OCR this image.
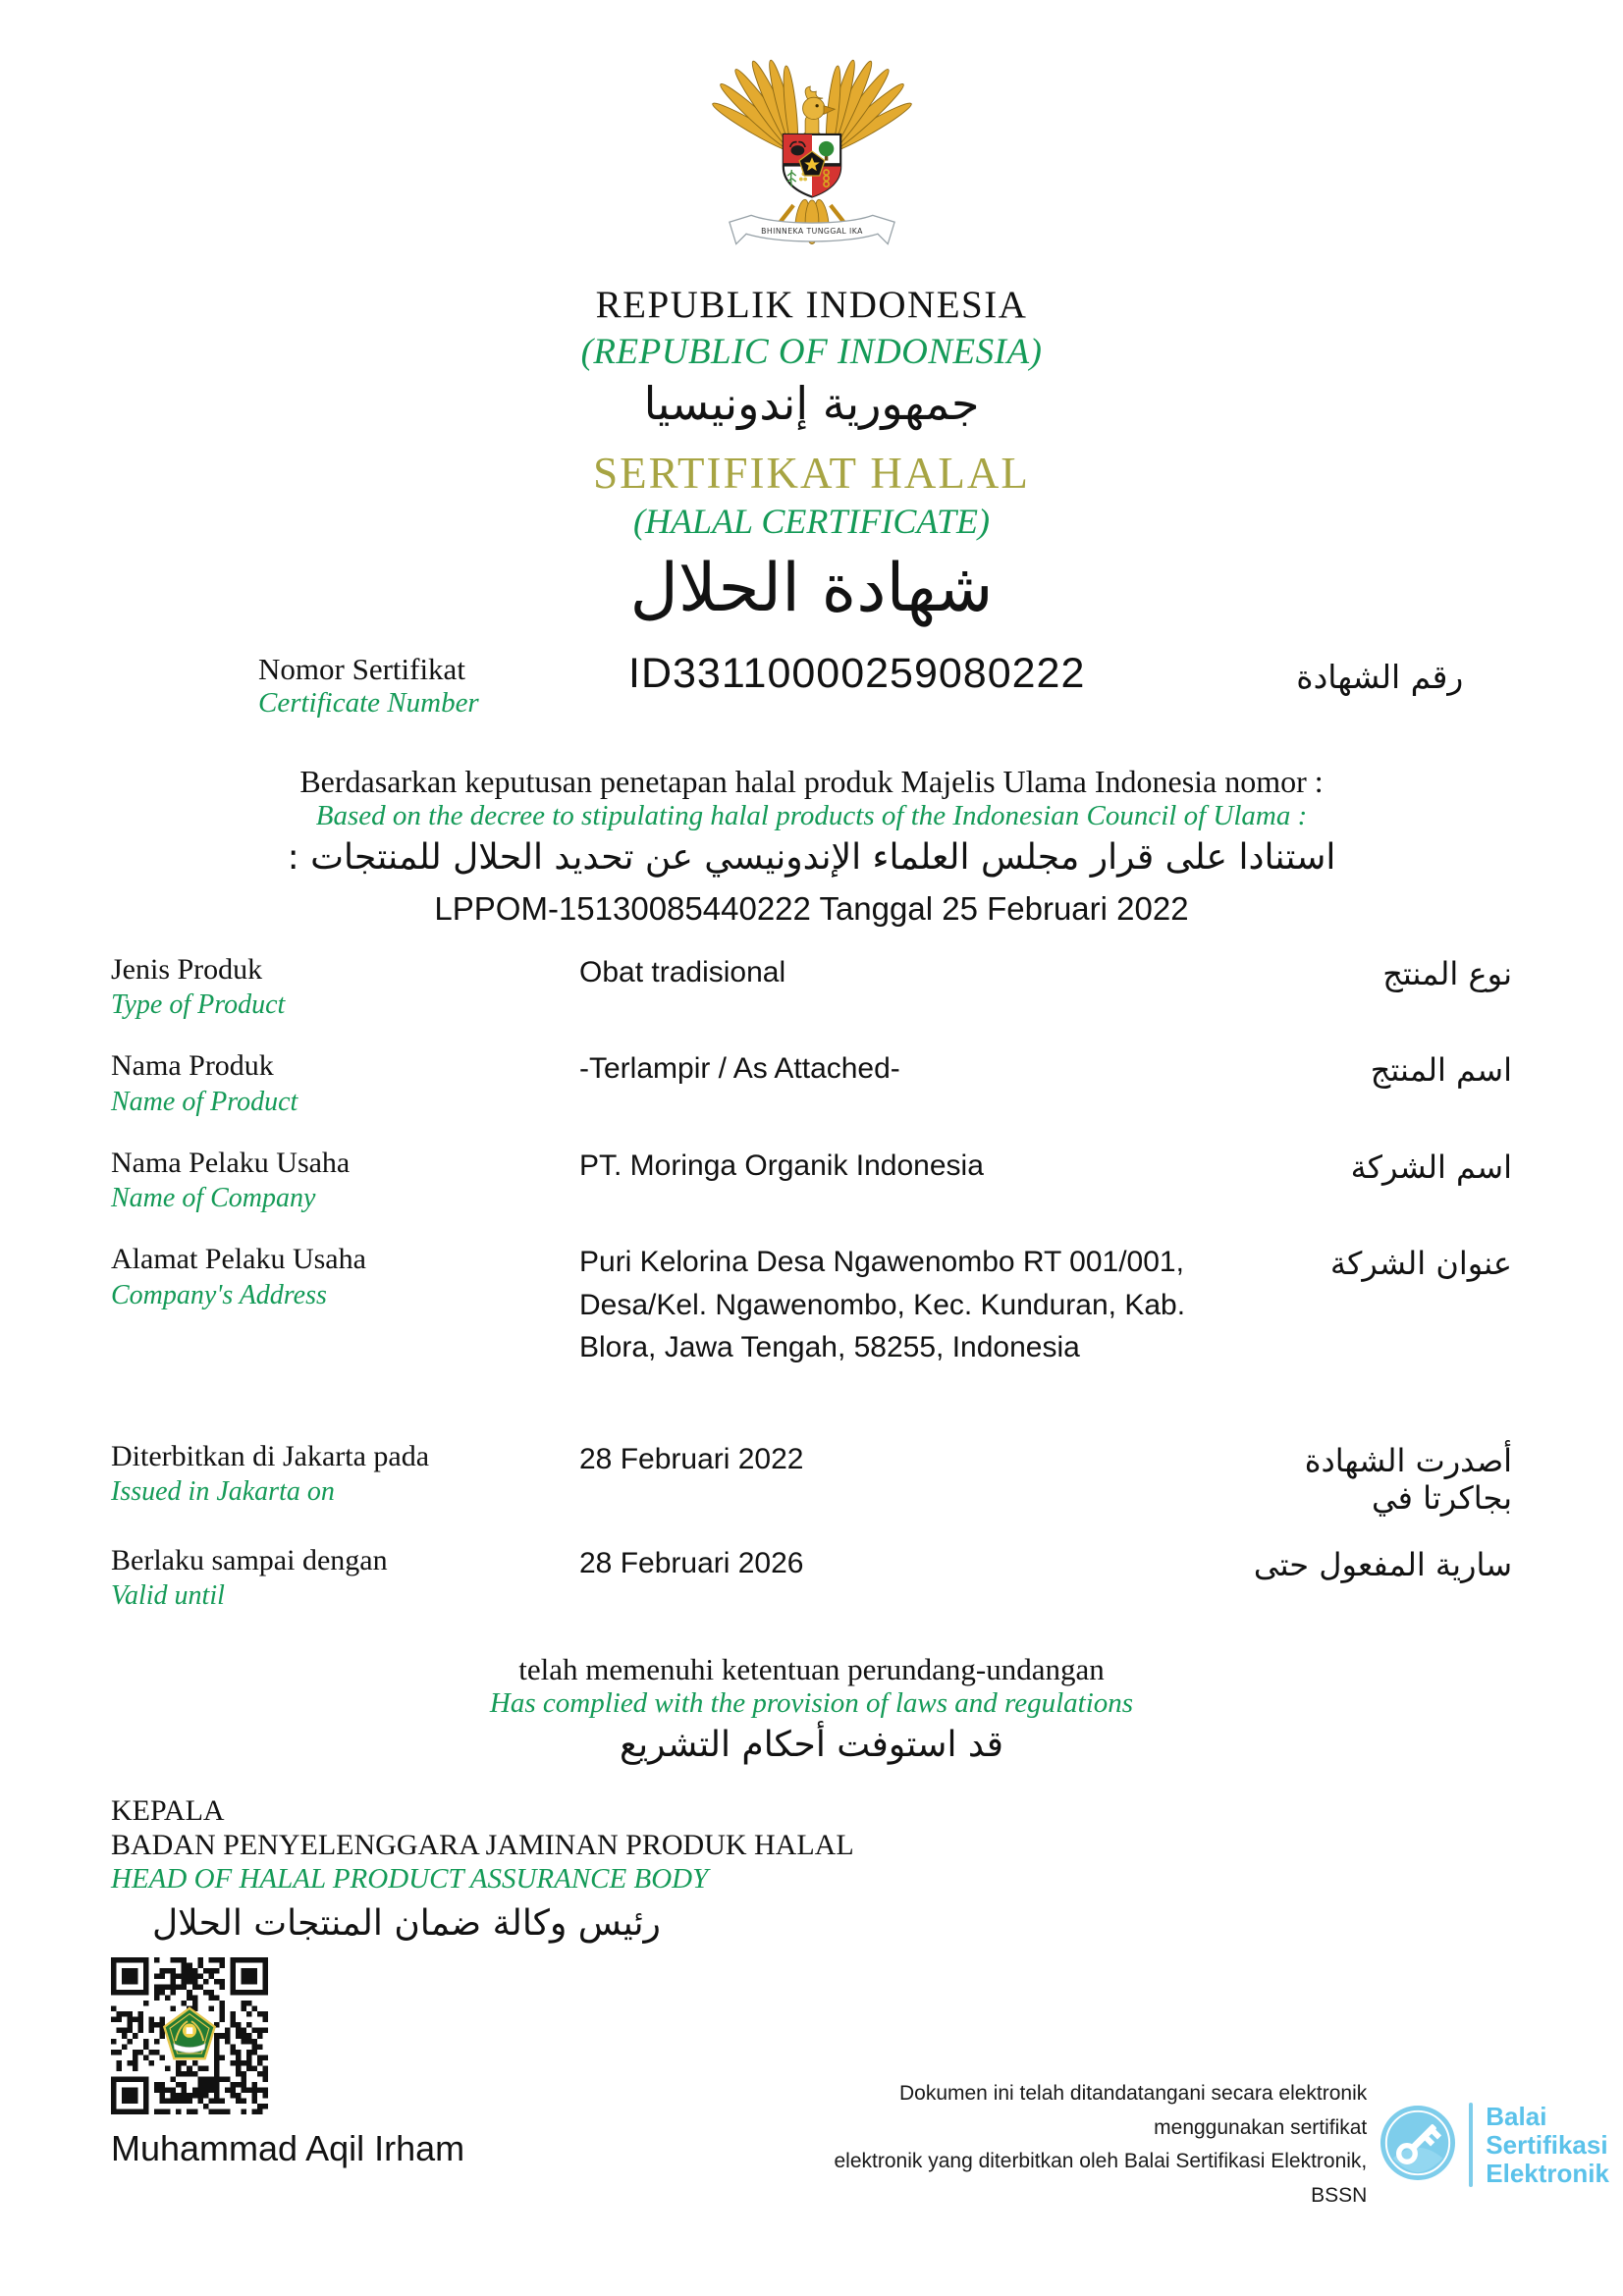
BHINNEKA TUNGGAL IKA
REPUBLIK INDONESIA
(REPUBLIC OF INDONESIA)
جمهورية إندونيسيا
SERTIFIKAT HALAL
(HALAL CERTIFICATE)
شهادة الحلال
Nomor Sertifikat
Certificate Number
ID33110000259080222	رقم الشهادة
Berdasarkan keputusan penetapan halal produk Majelis Ulama Indonesia nomor :
Based on the decree to stipulating halal products of the Indonesian Council of Ulama :
استنادا على قرار مجلس العلماء الإندونيسي عن تحديد الحلال للمنتجات :
LPPOM-15130085440222 Tanggal 25 Februari 2022
Jenis Produk
Type of Product
Obat tradisional	نوع المنتج
Nama Produk
Name of Product
-Terlampir / As Attached-	اسم المنتج
Nama Pelaku Usaha
Name of Company
PT. Moringa Organik Indonesia	اسم الشركة
Alamat Pelaku Usaha
Company's Address
Puri Kelorina Desa Ngawenombo RT 001/001, Desa/Kel. Ngawenombo, Kec. Kunduran, Kab. Blora, Jawa Tengah, 58255, Indonesia
عنوان الشركة
Diterbitkan di Jakarta pada
Issued in Jakarta on
28 Februari 2022	أصدرت الشهادة بجاكرتا في
Berlaku sampai dengan
Valid until
28 Februari 2026	سارية المفعول حتى
telah memenuhi ketentuan perundang-undangan
Has complied with the provision of laws and regulations
قد استوفت أحكام التشريع
KEPALA
BADAN PENYELENGGARA JAMINAN PRODUK HALAL
HEAD OF HALAL PRODUCT ASSURANCE BODY
رئيس وكالة ضمان المنتجات الحلال
Muhammad Aqil Irham
Dokumen ini telah ditandatangani secara elektronik menggunakan sertifikat
elektronik yang diterbitkan oleh Balai Sertifikasi Elektronik, BSSN
Balai
Sertifikasi
Elektronik
